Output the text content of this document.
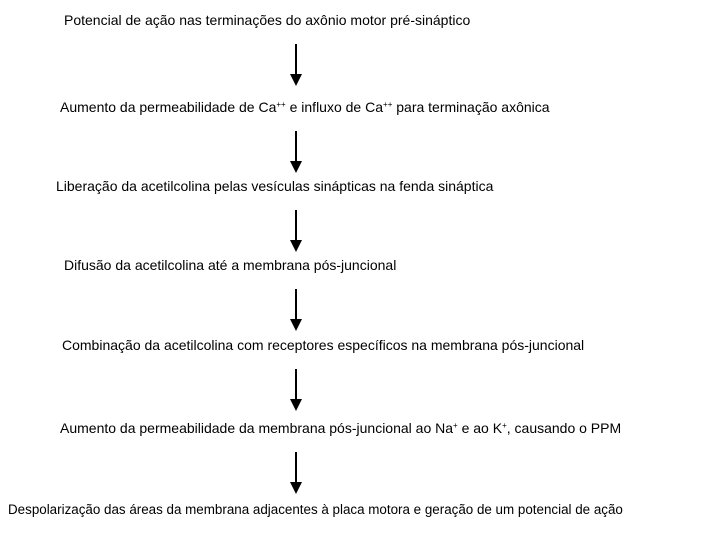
Potencial de ação nas terminações do axônio motor pré-sináptico
Aumento da permeabilidade de Ca++ e influxo de Ca++ para terminação axônica
Liberação da acetilcolina pelas vesículas sinápticas na fenda sináptica
Difusão da acetilcolina até a membrana pós-juncional
Combinação da acetilcolina com receptores específicos na membrana pós-juncional
Aumento da permeabilidade da membrana pós-juncional ao Na+ e ao K+, causando o PPM
Despolarização das áreas da membrana adjacentes à placa motora e geração de um potencial de ação
